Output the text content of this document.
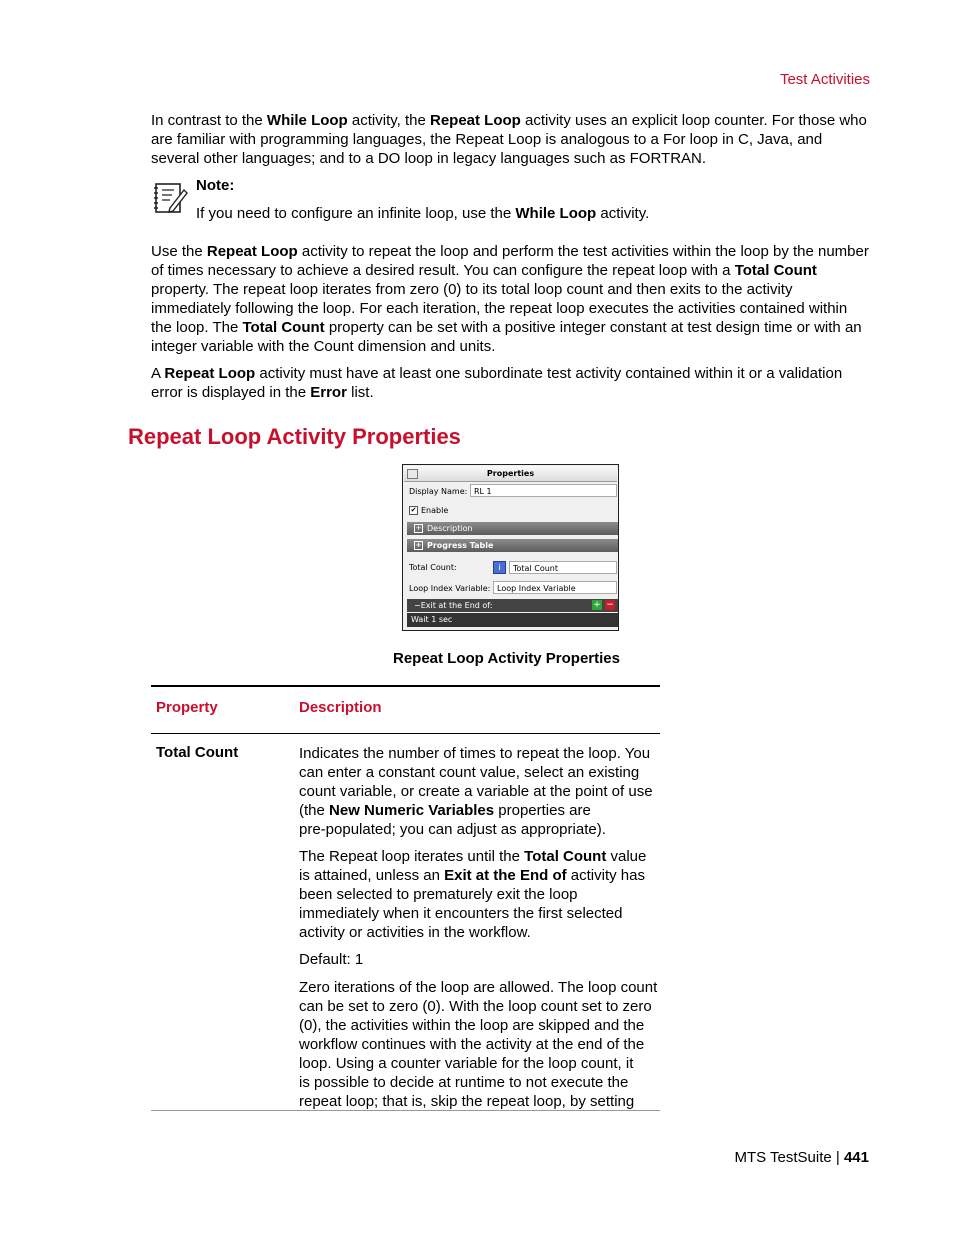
Test Activities
In contrast to the While Loop activity, the Repeat Loop activity uses an explicit loop counter. For those who are familiar with programming languages, the Repeat Loop is analogous to a For loop in C, Java, and several other languages; and to a DO loop in legacy languages such as FORTRAN.
Note:
If you need to configure an infinite loop, use the While Loop activity.
Use the Repeat Loop activity to repeat the loop and perform the test activities within the loop by the number of times necessary to achieve a desired result. You can configure the repeat loop with a Total Count property. The repeat loop iterates from zero (0) to its total loop count and then exits to the activity immediately following the loop. For each iteration, the repeat loop executes the activities contained within the loop. The Total Count property can be set with a positive integer constant at test design time or with an integer variable with the Count dimension and units.
A Repeat Loop activity must have at least one subordinate test activity contained within it or a validation error is displayed in the Error list.
Repeat Loop Activity Properties
Properties
Display Name: RL 1
✔ Enable
+ Description
+ Progress Table
Total Count:	i	Total Count
Loop Index Variable: Loop Index Variable
−Exit at the End of:	+ −
Wait 1 sec
Repeat Loop Activity Properties
Property	Description
Total Count	Indicates the number of times to repeat the loop. You
can enter a constant count value, select an existing
count variable, or create a variable at the point of use
(the New Numeric Variables properties are
pre-populated; you can adjust as appropriate).
The Repeat loop iterates until the Total Count value
is attained, unless an Exit at the End of activity has
been selected to prematurely exit the loop
immediately when it encounters the first selected
activity or activities in the workflow.
Default: 1
Zero iterations of the loop are allowed. The loop count
can be set to zero (0). With the loop count set to zero
(0), the activities within the loop are skipped and the
workflow continues with the activity at the end of the
loop. Using a counter variable for the loop count, it
is possible to decide at runtime to not execute the
repeat loop; that is, skip the repeat loop, by setting
MTS TestSuite | 441
